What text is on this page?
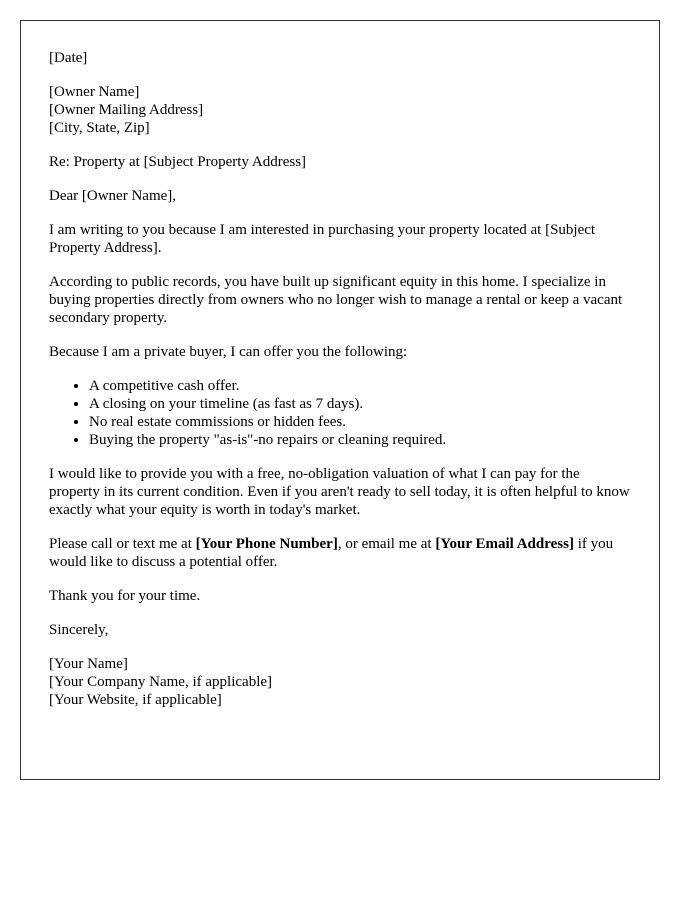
[Date]

[Owner Name]
[Owner Mailing Address]
[City, State, Zip]

Re: Property at [Subject Property Address]

Dear [Owner Name],

I am writing to you because I am interested in purchasing your property located at [Subject Property Address].

According to public records, you have built up significant equity in this home. I specialize in buying properties directly from owners who no longer wish to manage a rental or keep a vacant secondary property.

Because I am a private buyer, I can offer you the following:

• A competitive cash offer.
• A closing on your timeline (as fast as 7 days).
• No real estate commissions or hidden fees.
• Buying the property "as-is"-no repairs or cleaning required.

I would like to provide you with a free, no-obligation valuation of what I can pay for the property in its current condition. Even if you aren't ready to sell today, it is often helpful to know exactly what your equity is worth in today's market.

Please call or text me at [Your Phone Number], or email me at [Your Email Address] if you would like to discuss a potential offer.

Thank you for your time.

Sincerely,

[Your Name]
[Your Company Name, if applicable]
[Your Website, if applicable]
